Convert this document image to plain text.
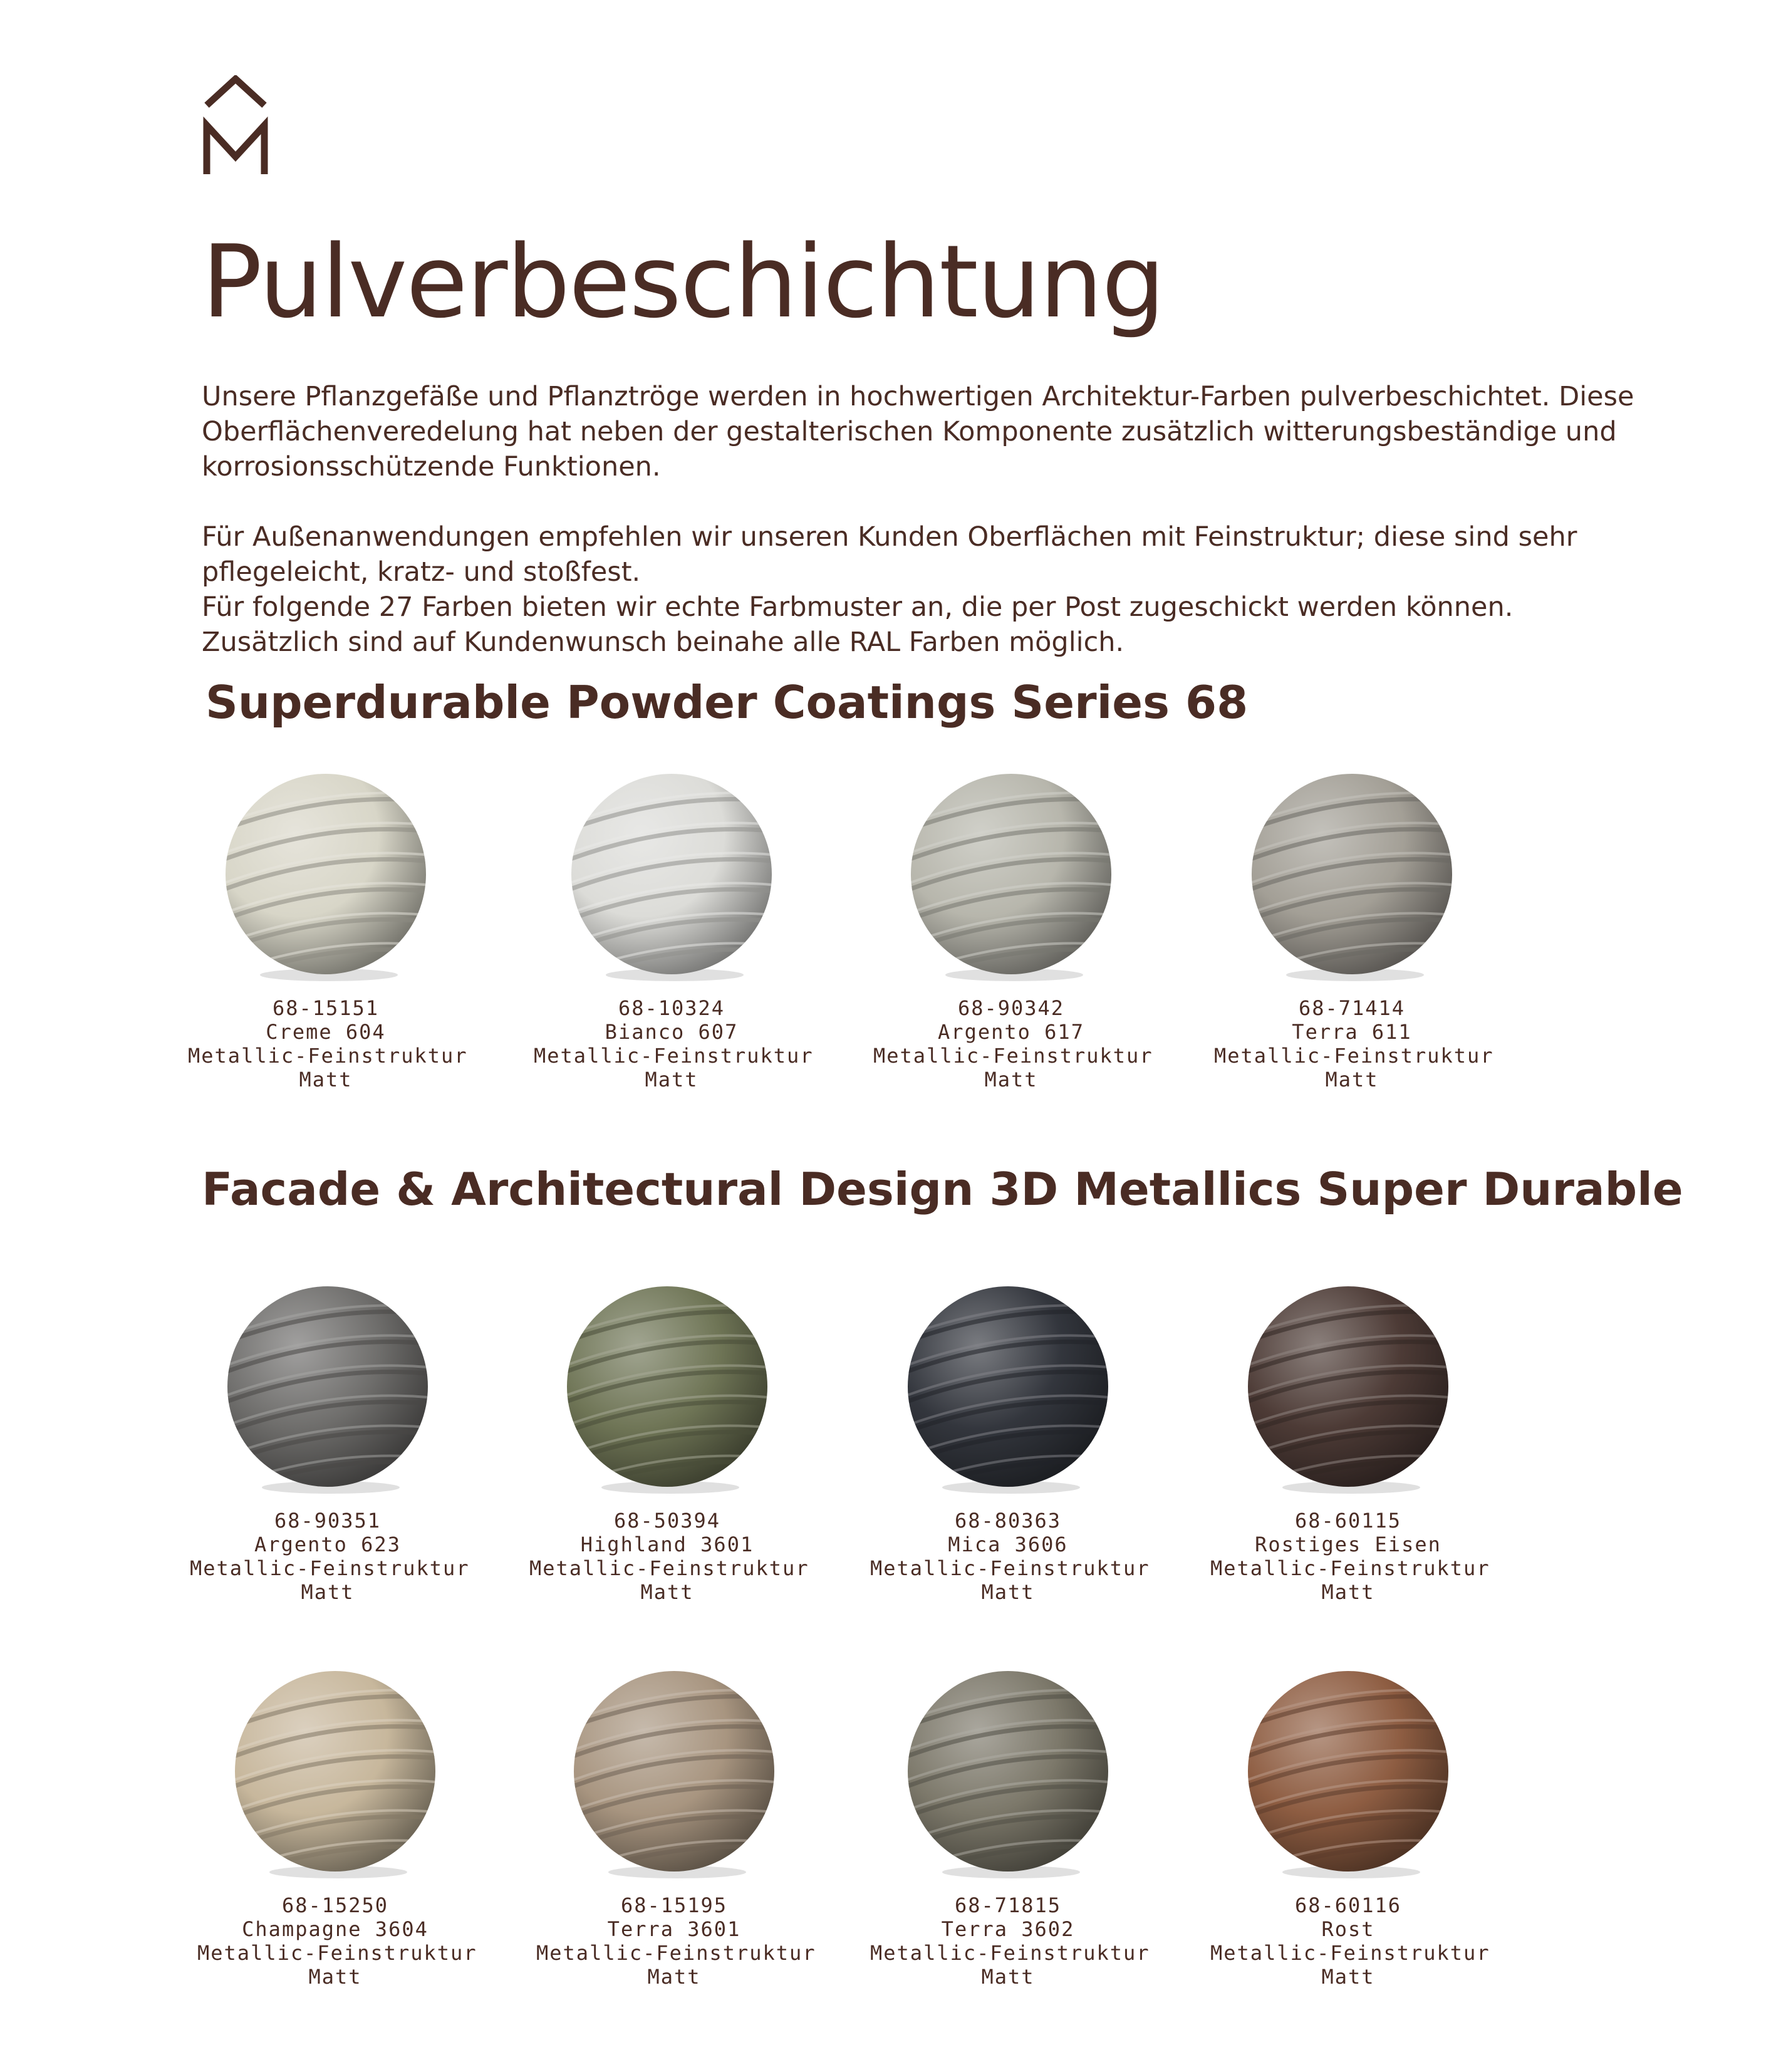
Pulverbeschichtung

Unsere Pflanzgefäße und Pflanztröge werden in hochwertigen Architektur-Farben pulverbeschichtet. Diese Oberflächenveredelung hat neben der gestalterischen Komponente zusätzlich witterungsbeständige und korrosionsschützende Funktionen.

Für Außenanwendungen empfehlen wir unseren Kunden Oberflächen mit Feinstruktur; diese sind sehr pflegeleicht, kratz- und stoßfest.
Für folgende 27 Farben bieten wir echte Farbmuster an, die per Post zugeschickt werden können. Zusätzlich sind auf Kundenwunsch beinahe alle RAL Farben möglich.

Superdurable Powder Coatings Series 68
Facade & Architectural Design 3D Metallics Super Durable
68-15151
Creme 604
Metallic-Feinstruktur
Matt
68-10324
Bianco 607
Metallic-Feinstruktur
Matt
68-90342
Argento 617
Metallic-Feinstruktur
Matt
68-71414
Terra 611
Metallic-Feinstruktur
Matt
68-90351
Argento 623
Metallic-Feinstruktur
Matt
68-50394
Highland 3601
Metallic-Feinstruktur
Matt
68-80363
Mica 3606
Metallic-Feinstruktur
Matt
68-60115
Rostiges Eisen
Metallic-Feinstruktur
Matt
68-15250
Champagne 3604
Metallic-Feinstruktur
Matt
68-15195
Terra 3601
Metallic-Feinstruktur
Matt
68-71815
Terra 3602
Metallic-Feinstruktur
Matt
68-60116
Rost
Metallic-Feinstruktur
Matt
